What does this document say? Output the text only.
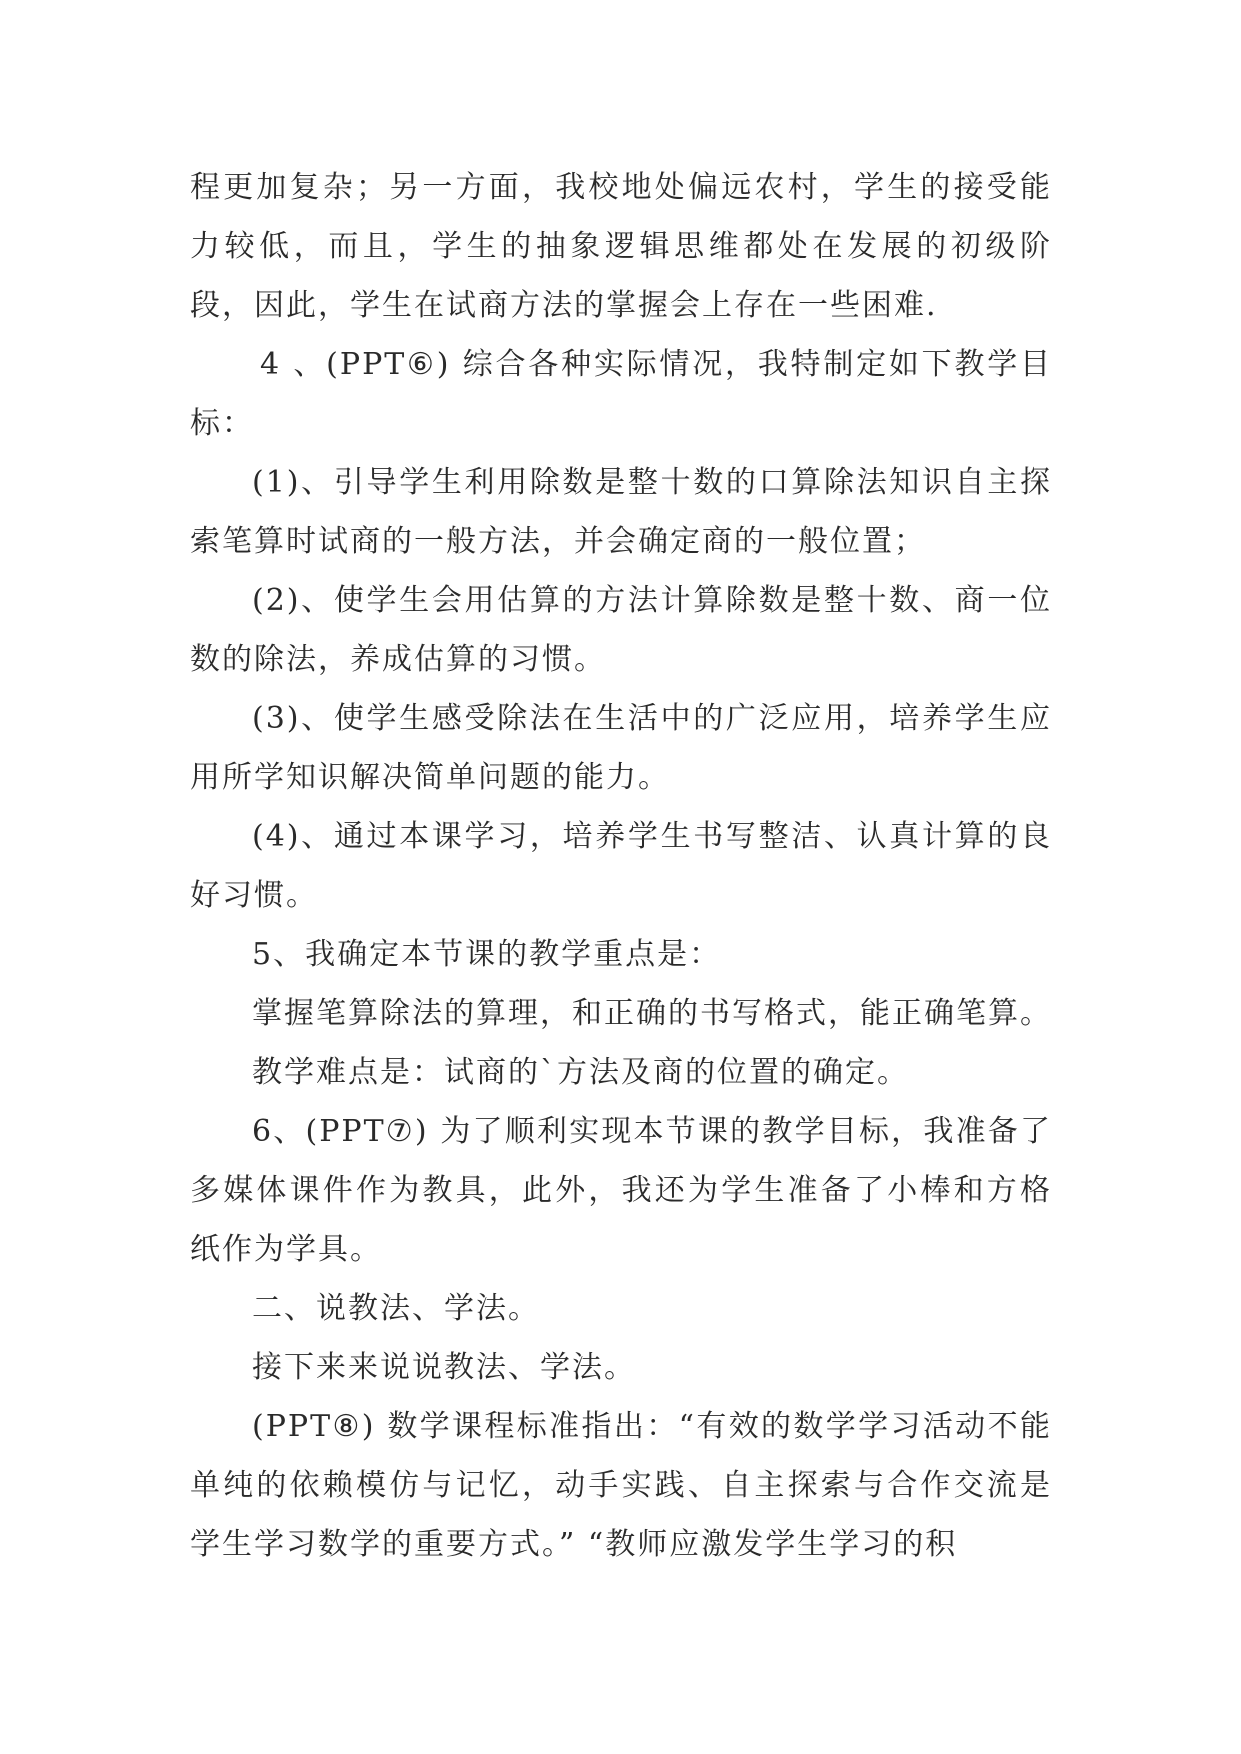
程更加复杂；另一方面，我校地处偏远农村，学生的接受能力较低，而且，学生的抽象逻辑思维都处在发展的初级阶段，因此，学生在试商方法的掌握会上存在一些困难.

4 、(PPT⑥) 综合各种实际情况，我特制定如下教学目标：

(1)、引导学生利用除数是整十数的口算除法知识自主探索笔算时试商的一般方法，并会确定商的一般位置；

(2)、使学生会用估算的方法计算除数是整十数、商一位数的除法，养成估算的习惯。

(3)、使学生感受除法在生活中的广泛应用，培养学生应用所学知识解决简单问题的能力。

(4)、通过本课学习，培养学生书写整洁、认真计算的良好习惯。

5、我确定本节课的教学重点是：

掌握笔算除法的算理，和正确的书写格式，能正确笔算。

教学难点是：试商的`方法及商的位置的确定。

6、(PPT⑦) 为了顺利实现本节课的教学目标，我准备了多媒体课件作为教具，此外，我还为学生准备了小棒和方格纸作为学具。

二、说教法、学法。

接下来来说说教法、学法。

(PPT⑧) 数学课程标准指出：“有效的数学学习活动不能单纯的依赖模仿与记忆，动手实践、自主探索与合作交流是学生学习数学的重要方式。” “教师应激发学生学习的积
